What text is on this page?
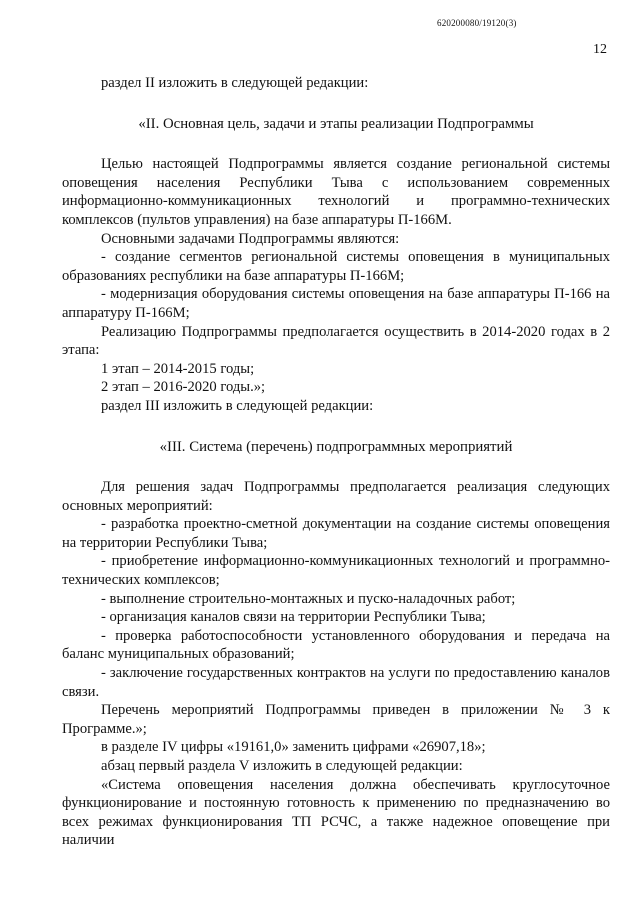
620200080/19120(3)
12

раздел II изложить в следующей редакции:

«II. Основная цель, задачи и этапы реализации Подпрограммы

Целью настоящей Подпрограммы является создание региональной системы оповещения населения Республики Тыва с использованием современных информационно-коммуникационных технологий и программно-технических комплексов (пультов управления) на базе аппаратуры П-166М.

Основными задачами Подпрограммы являются:

- создание сегментов региональной системы оповещения в муниципальных образованиях республики на базе аппаратуры П-166М;

- модернизация оборудования системы оповещения на базе аппаратуры П-166 на аппаратуру П-166М;

Реализацию Подпрограммы предполагается осуществить в 2014-2020 годах в 2 этапа:

1 этап – 2014-2015 годы;

2 этап – 2016-2020 годы.»;

раздел III изложить в следующей редакции:

«III. Система (перечень) подпрограммных мероприятий

Для решения задач Подпрограммы предполагается реализация следующих основных мероприятий:

- разработка проектно-сметной документации на создание системы оповещения на территории Республики Тыва;

- приобретение информационно-коммуникационных технологий и программно-технических комплексов;

- выполнение строительно-монтажных и пуско-наладочных работ;

- организация каналов связи на территории Республики Тыва;

- проверка работоспособности установленного оборудования и передача на баланс муниципальных образований;

- заключение государственных контрактов на услуги по предоставлению каналов связи.

Перечень мероприятий Подпрограммы приведен в приложении № 3 к Программе.»;

в разделе IV цифры «19161,0» заменить цифрами «26907,18»;

абзац первый раздела V изложить в следующей редакции:

«Система оповещения населения должна обеспечивать круглосуточное функционирование и постоянную готовность к применению по предназначению во всех режимах функционирования ТП РСЧС, а также надежное оповещение при наличии
